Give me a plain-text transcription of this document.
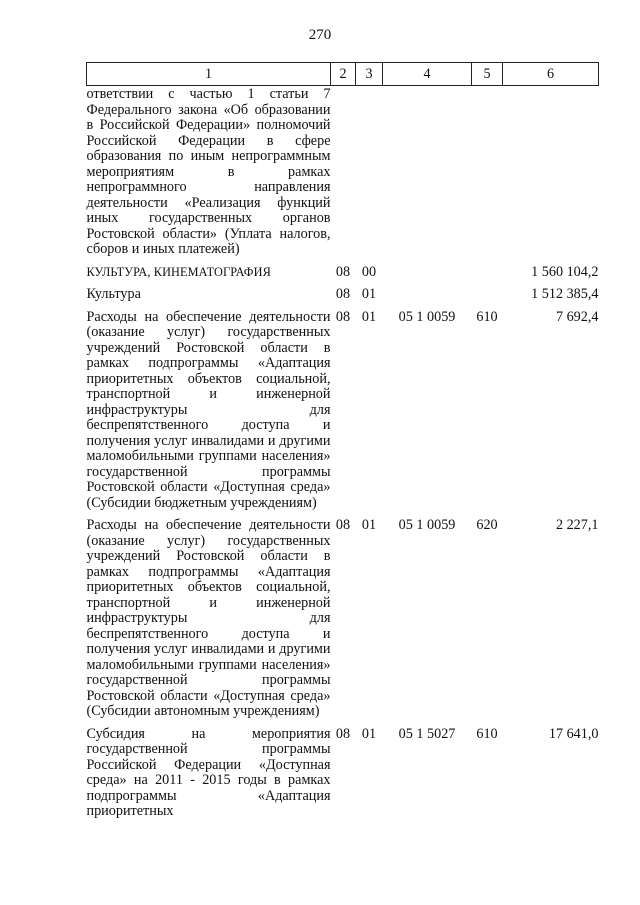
270
1	2	3	4	5	6
ответствии с частью 1 статьи 7 Федерального закона «Об образовании в Российской Федерации» полномочий Российской Федерации в сфере образования по иным непрограммным мероприятиям в рамках непрограммного направления деятельности «Реализация функций иных государственных органов Ростовской области» (Уплата налогов, сборов и иных платежей)					

КУЛЬТУРА, КИНЕМАТОГРАФИЯ	08	00			1 560 104,2

Культура	08	01			1 512 385,4

Расходы на обеспечение деятельности (оказание услуг) государственных учреждений Ростовской области в рамках подпрограммы «Адаптация приоритетных объектов социальной, транспортной и инженерной инфраструктуры для беспрепятственного доступа и получения услуг инвалидами и другими маломобильными группами населения» государственной программы Ростовской области «Доступная среда» (Субсидии бюджетным учреждениям)	08	01	05 1 0059	610	7 692,4

Расходы на обеспечение деятельности (оказание услуг) государственных учреждений Ростовской области в рамках подпрограммы «Адаптация приоритетных объектов социальной, транспортной и инженерной инфраструктуры для беспрепятственного доступа и получения услуг инвалидами и другими маломобильными группами населения» государственной программы Ростовской области «Доступная среда» (Субсидии автономным учреждениям)	08	01	05 1 0059	620	2 227,1

Субсидия на мероприятия государственной программы Российской Федерации «Доступная среда» на 2011 - 2015 годы в рамках подпрограммы «Адаптация приоритетных	08	01	05 1 5027	610	17 641,0
